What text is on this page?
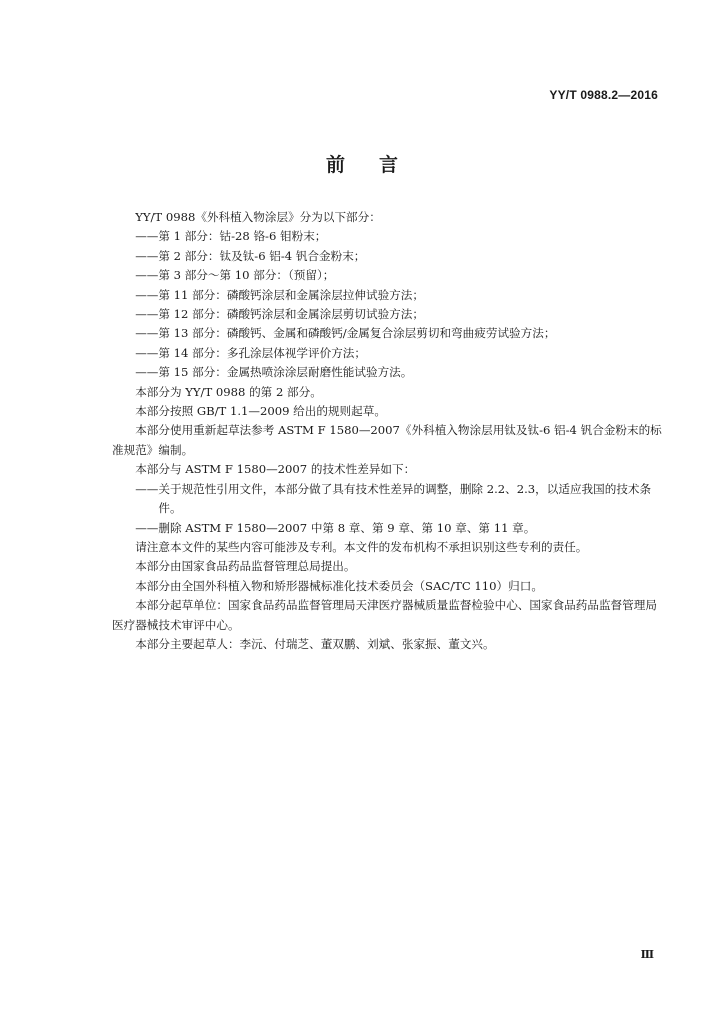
YY/T 0988.2—2016
前言

YY/T 0988《外科植入物涂层》分为以下部分：

——第 1 部分：钴-28 铬-6 钼粉末；

——第 2 部分：钛及钛-6 铝-4 钒合金粉末；

——第 3 部分～第 10 部分：（预留）；

——第 11 部分：磷酸钙涂层和金属涂层拉伸试验方法；

——第 12 部分：磷酸钙涂层和金属涂层剪切试验方法；

——第 13 部分：磷酸钙、金属和磷酸钙/金属复合涂层剪切和弯曲疲劳试验方法；

——第 14 部分：多孔涂层体视学评价方法；

——第 15 部分：金属热喷涂涂层耐磨性能试验方法。

本部分为 YY/T 0988 的第 2 部分。

本部分按照 GB/T 1.1—2009 给出的规则起草。

本部分使用重新起草法参考 ASTM F 1580—2007《外科植入物涂层用钛及钛-6 铝-4 钒合金粉末的标准规范》编制。

本部分与 ASTM F 1580—2007 的技术性差异如下：

——关于规范性引用文件，本部分做了具有技术性差异的调整，删除 2.2、2.3，以适应我国的技术条件。

——删除 ASTM F 1580—2007 中第 8 章、第 9 章、第 10 章、第 11 章。

请注意本文件的某些内容可能涉及专利。本文件的发布机构不承担识别这些专利的责任。

本部分由国家食品药品监督管理总局提出。

本部分由全国外科植入物和矫形器械标准化技术委员会（SAC/TC 110）归口。

本部分起草单位：国家食品药品监督管理局天津医疗器械质量监督检验中心、国家食品药品监督管理局医疗器械技术审评中心。

本部分主要起草人：李沅、付瑞芝、董双鹏、刘斌、张家振、董文兴。

Ⅲ
